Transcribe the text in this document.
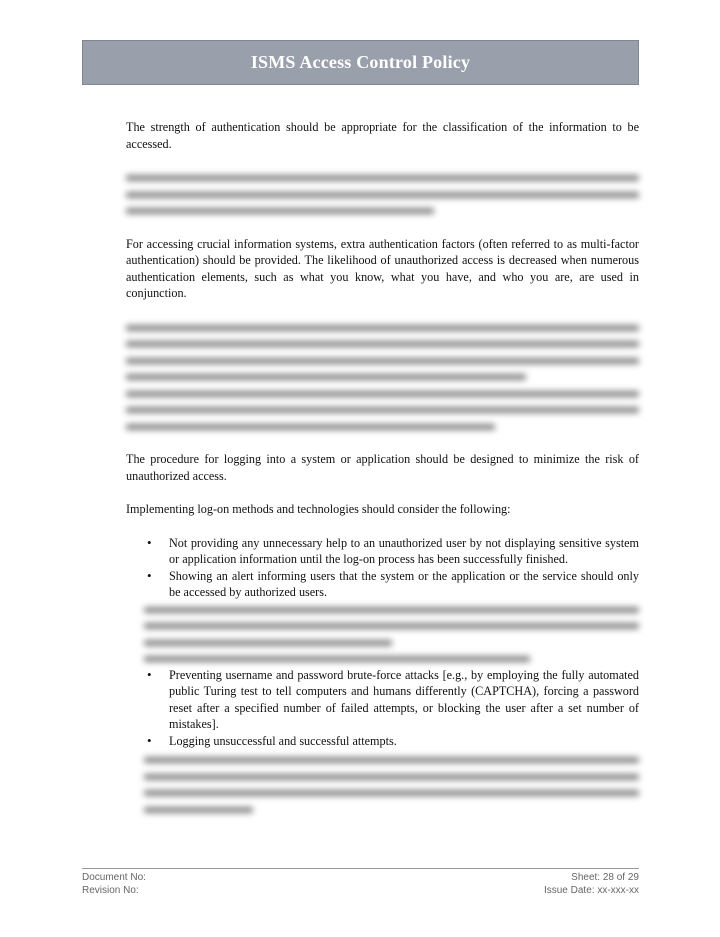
ISMS Access Control Policy

The strength of authentication should be appropriate for the classification of the information to be accessed.

For accessing crucial information systems, extra authentication factors (often referred to as multi-factor authentication) should be provided. The likelihood of unauthorized access is decreased when numerous authentication elements, such as what you know, what you have, and who you are, are used in conjunction.

The procedure for logging into a system or application should be designed to minimize the risk of unauthorized access.

Implementing log-on methods and technologies should consider the following:

• Not providing any unnecessary help to an unauthorized user by not displaying sensitive system or application information until the log-on process has been successfully finished.
• Showing an alert informing users that the system or the application or the service should only be accessed by authorized users.
• Preventing username and password brute-force attacks [e.g., by employing the fully automated public Turing test to tell computers and humans differently (CAPTCHA), forcing a password reset after a specified number of failed attempts, or blocking the user after a set number of mistakes].
• Logging unsuccessful and successful attempts.
Document No:
Revision No:
Sheet: 28 of 29
Issue Date: xx-xxx-xx
